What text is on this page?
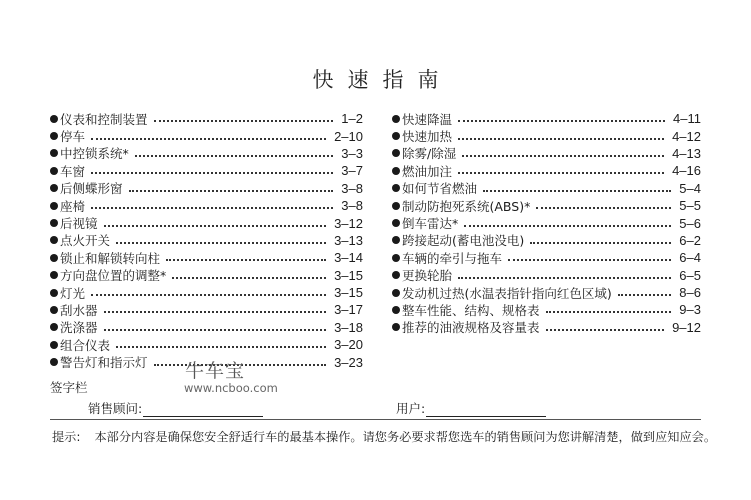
快速指南
仪表和控制装置	1–2
停车	2–10
中控锁系统*	3–3
车窗	3–7
后侧蝶形窗	3–8
座椅	3–8
后视镜	3–12
点火开关	3–13
锁止和解锁转向柱	3–14
方向盘位置的调整*	3–15
灯光	3–15
刮水器	3–17
洗涤器	3–18
组合仪表	3–20
警告灯和指示灯	3–23
快速降温	4–11
快速加热	4–12
除雾/除湿	4–13
燃油加注	4–16
如何节省燃油	5–4
制动防抱死系统(ABS)*	5–5
倒车雷达*	5–6
跨接起动(蓄电池没电)	6–2
车辆的牵引与拖车	6–4
更换轮胎	6–5
发动机过热(水温表指针指向红色区域)	8–6
整车性能、结构、规格表	9–3
推荐的油液规格及容量表	9–12
牛车宝
www.ncboo.com
签字栏
销售顾问:	用户:
提示: 本部分内容是确保您安全舒适行车的最基本操作。请您务必要求帮您选车的销售顾问为您讲解清楚，做到应知应会。
